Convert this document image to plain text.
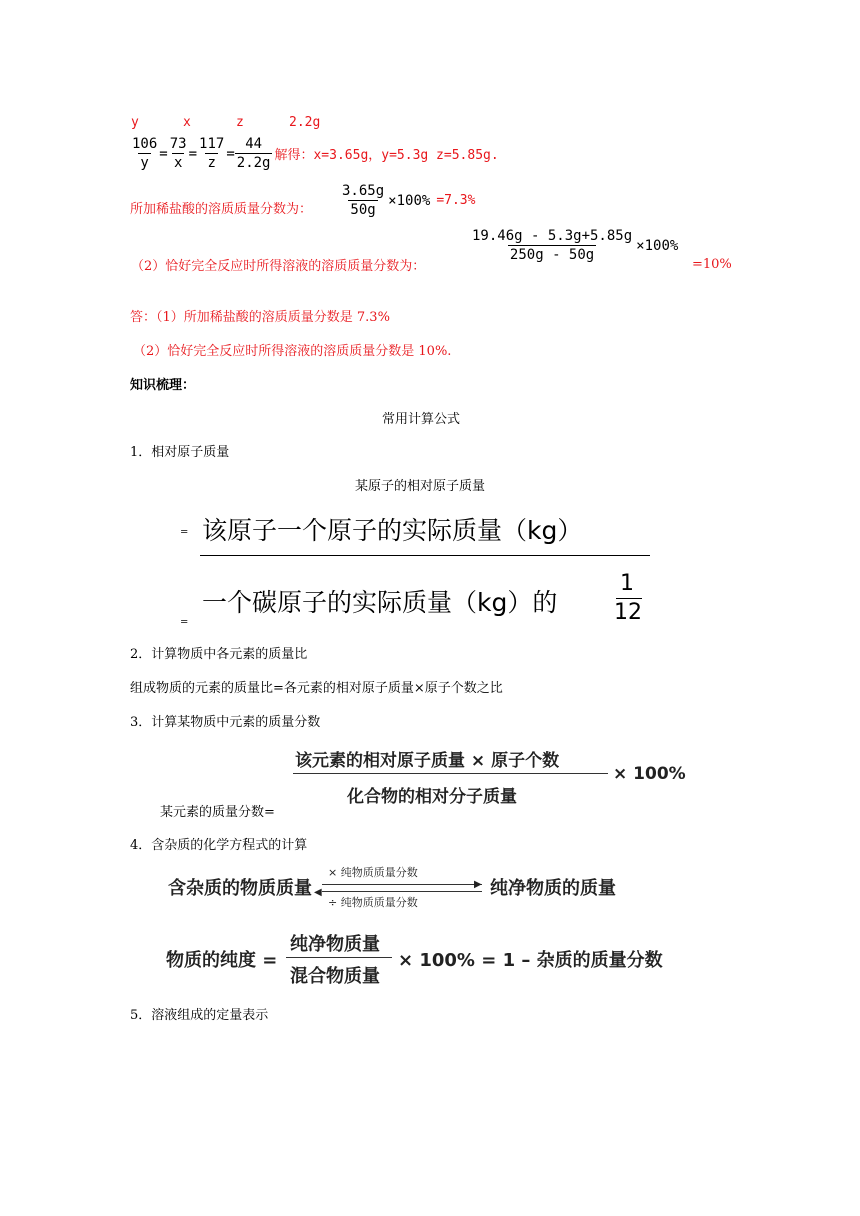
y	x	z	2.2g
$\frac{106}{y} = \frac{73}{x} = \frac{117}{z} = \frac{44}{2.2g}$ 解得：x=3.65g，y=5.3g z=5.85g.
所加稀盐酸的溶质质量分数为： $\frac{3.65g}{50g} \times 100\% =7.3\%$
（2）恰好完全反应时所得溶液的溶质质量分数为：
$\frac{19.46g - 5.3g+5.85g}{250g - 50g} \times 100\%$
=10%
答：（1）所加稀盐酸的溶质质量分数是 7.3%
（2）恰好完全反应时所得溶液的溶质质量分数是 10%.
知识梳理：
常用计算公式
1．相对原子质量
某原子的相对原子质量
=
=
该原子一个原子的实际质量（kg）
一个碳原子的实际质量（kg）的
1
12
2．计算物质中各元素的质量比
组成物质的元素的质量比=各元素的相对原子质量×原子个数之比
3．计算某物质中元素的质量分数
该元素的相对原子质量 × 原子个数
化合物的相对分子质量
× 100%
某元素的质量分数=
4．含杂质的化学方程式的计算
含杂质的物质质量
× 纯物质质量分数
▶
◀
÷ 纯物质质量分数
纯净物质的质量
物质的纯度 =
纯净物质量
混合物质量
× 100% = 1 – 杂质的质量分数
5．溶液组成的定量表示
